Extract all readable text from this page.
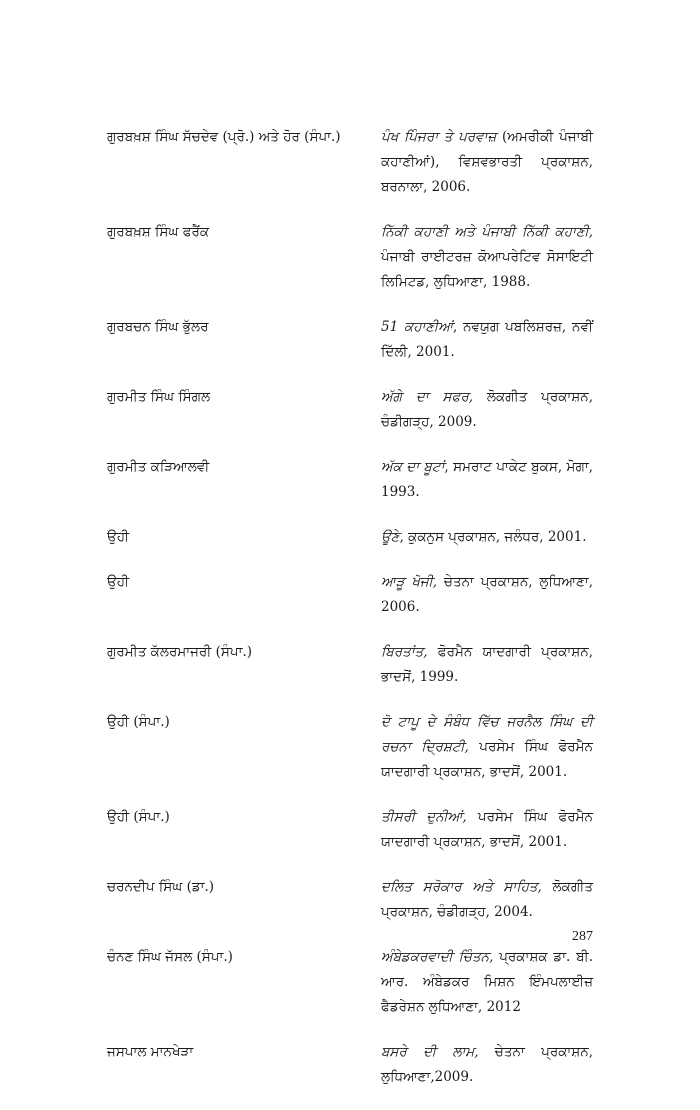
ਗੁਰਬਖ਼ਸ਼ ਸਿੰਘ ਸੱਚਦੇਵ (ਪ੍ਰੋ.) ਅਤੇ ਹੋਰ (ਸੰਪਾ.)	ਪੰਖ ਪਿੰਜਰਾ ਤੇ ਪਰਵਾਜ਼ (ਅਮਰੀਕੀ ਪੰਜਾਬੀ ਕਹਾਣੀਆਂ), ਵਿਸ਼ਵਭਾਰਤੀ ਪ੍ਰਕਾਸ਼ਨ, ਬਰਨਾਲਾ, 2006.
ਗੁਰਬਖ਼ਸ਼ ਸਿੰਘ ਫਰੈਂਕ	ਨਿੱਕੀ ਕਹਾਣੀ ਅਤੇ ਪੰਜਾਬੀ ਨਿੱਕੀ ਕਹਾਣੀ, ਪੰਜਾਬੀ ਰਾਈਟਰਜ਼ ਕੋਆਪਰੇਟਿਵ ਸੋਸਾਇਟੀ ਲਿਮਿਟਡ, ਲੁਧਿਆਣਾ, 1988.
ਗੁਰਬਚਨ ਸਿੰਘ ਭੁੱਲਰ	51 ਕਹਾਣੀਆਂ, ਨਵਯੁਗ ਪਬਲਿਸ਼ਰਜ਼, ਨਵੀਂ ਦਿੱਲੀ, 2001.
ਗੁਰਮੀਤ ਸਿੰਘ ਸਿੰਗਲ	ਅੱਗੇ ਦਾ ਸਫਰ, ਲੋਕਗੀਤ ਪ੍ਰਕਾਸ਼ਨ, ਚੰਡੀਗੜ੍ਹ, 2009.
ਗੁਰਮੀਤ ਕੜਿਆਲਵੀ	ਅੱਕ ਦਾ ਬੂਟਾਂ, ਸਮਰਾਟ ਪਾਕੇਟ ਬੁਕਸ, ਮੋਗਾ, 1993.
ਉਹੀ	ਊਣੇ, ਕੁਕਨੁਸ ਪ੍ਰਕਾਸ਼ਨ, ਜਲੰਧਰ, 2001.
ਉਹੀ	ਆੜੂ ਖੋਜੀ, ਚੇਤਨਾ ਪ੍ਰਕਾਸ਼ਨ, ਲੁਧਿਆਣਾ, 2006.
ਗੁਰਮੀਤ ਕੱਲਰਮਾਜਰੀ (ਸੰਪਾ.)	ਬਿਰਤਾਂਤ, ਫੋਰਮੈਨ ਯਾਦਗਾਰੀ ਪ੍ਰਕਾਸ਼ਨ, ਭਾਦਸੋਂ, 1999.
ਉਹੀ (ਸੰਪਾ.)	ਦੋ ਟਾਪੂ ਦੇ ਸੰਬੰਧ ਵਿੱਚ ਜਰਨੈਲ ਸਿੰਘ ਦੀ ਰਚਨਾ ਦ੍ਰਿਸ਼ਟੀ, ਪਰਸੇਮ ਸਿੰਘ ਫੋਰਮੈਨ ਯਾਦਗਾਰੀ ਪ੍ਰਕਾਸ਼ਨ, ਭਾਦਸੋਂ, 2001.
ਉਹੀ (ਸੰਪਾ.)	ਤੀਸਰੀ ਦੁਨੀਆਂ, ਪਰਸੇਮ ਸਿੰਘ ਫੋਰਮੈਨ ਯਾਦਗਾਰੀ ਪ੍ਰਕਾਸ਼ਨ, ਭਾਦਸੋਂ, 2001.
ਚਰਨਦੀਪ ਸਿੰਘ (ਡਾ.)	ਦਲਿਤ ਸਰੋਕਾਰ ਅਤੇ ਸਾਹਿਤ, ਲੋਕਗੀਤ ਪ੍ਰਕਾਸ਼ਨ, ਚੰਡੀਗੜ੍ਹ, 2004.
ਚੰਨਣ ਸਿੰਘ ਜੱਸਲ (ਸੰਪਾ.)	ਅੰਬੇਡਕਰਵਾਦੀ ਚਿੰਤਨ, ਪ੍ਰਕਾਸ਼ਕ ਡਾ. ਬੀ. ਆਰ. ਅੰਬੇਡਕਰ ਮਿਸ਼ਨ ਇੰਮਪਲਾਈਜ਼ ਫੈਡਰੇਸ਼ਨ ਲੁਧਿਆਣਾ, 2012
ਜਸਪਾਲ ਮਾਨਖੇੜਾ	ਬਸਰੇ ਦੀ ਲਾਮ, ਚੇਤਨਾ ਪ੍ਰਕਾਸ਼ਨ, ਲੁਧਿਆਣਾ,2009.
287
